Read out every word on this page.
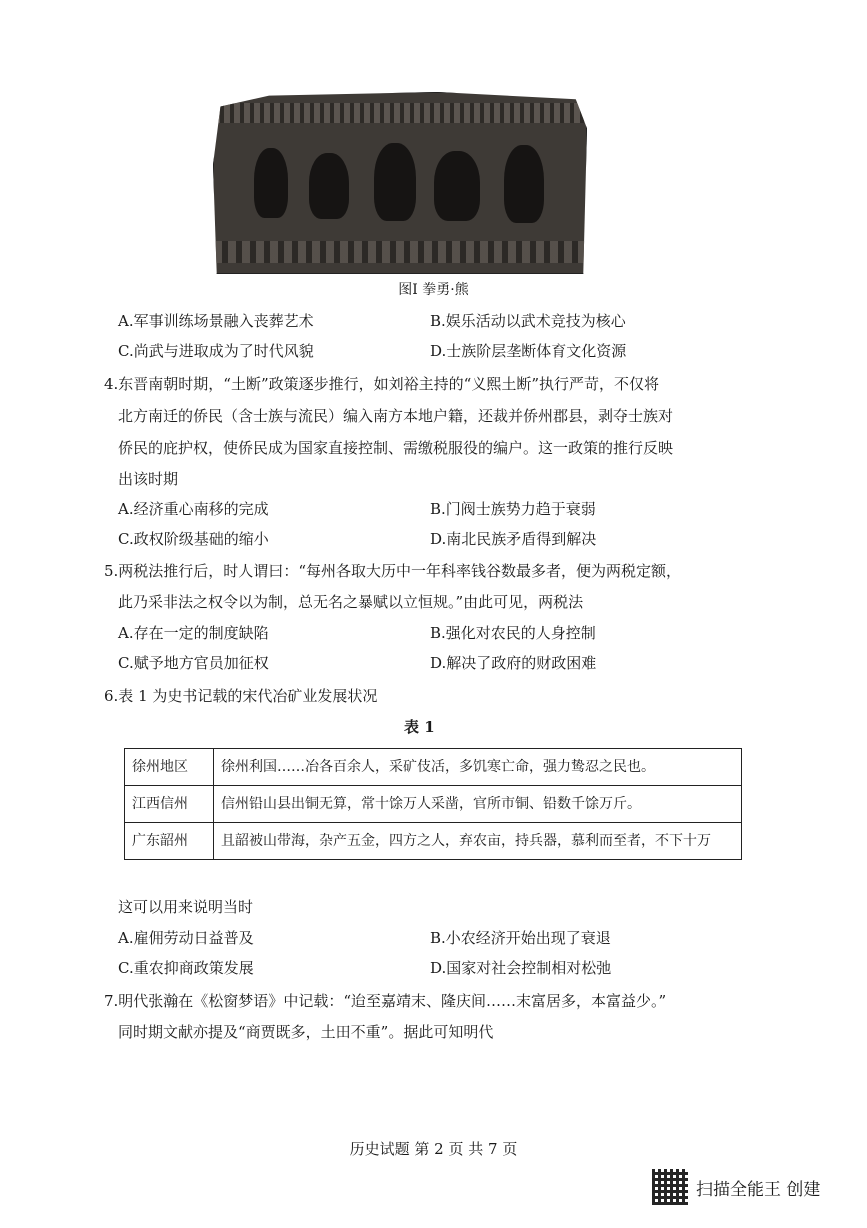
图Ⅰ 拳勇·熊
A.军事训练场景融入丧葬艺术	B.娱乐活动以武术竞技为核心
C.尚武与进取成为了时代风貌	D.士族阶层垄断体育文化资源
4.东晋南朝时期，“土断”政策逐步推行，如刘裕主持的“义熙土断”执行严苛，不仅将
北方南迁的侨民（含士族与流民）编入南方本地户籍，还裁并侨州郡县，剥夺士族对
侨民的庇护权，使侨民成为国家直接控制、需缴税服役的编户。这一政策的推行反映
出该时期
A.经济重心南移的完成	B.门阀士族势力趋于衰弱
C.政权阶级基础的缩小	D.南北民族矛盾得到解决
5.两税法推行后，时人谓曰：“每州各取大历中一年科率钱谷数最多者，便为两税定额，
此乃采非法之权令以为制，总无名之暴赋以立恒规。”由此可见，两税法
A.存在一定的制度缺陷	B.强化对农民的人身控制
C.赋予地方官员加征权	D.解决了政府的财政困难
6.表 1 为史书记载的宋代冶矿业发展状况
表 1
徐州地区	徐州利国……冶各百余人，采矿伎㓉，多饥寒亡命，强力鸷忍之民也。
江西信州	信州铅山县出铜无算，常十馀万人采凿，官所市铜、铅数千馀万斤。
广东韶州	且韶被山带海，杂产五金，四方之人，弃农亩，持兵器，慕利而至者，不下十万
这可以用来说明当时
A.雇佣劳动日益普及	B.小农经济开始出现了衰退
C.重农抑商政策发展	D.国家对社会控制相对松弛
7.明代张瀚在《松窗梦语》中记载：“迨至嘉靖末、隆庆间……末富居多，本富益少。”
同时期文献亦提及“商贾既多，土田不重”。据此可知明代
历史试题 第 2 页 共 7 页
扫描全能王 创建
